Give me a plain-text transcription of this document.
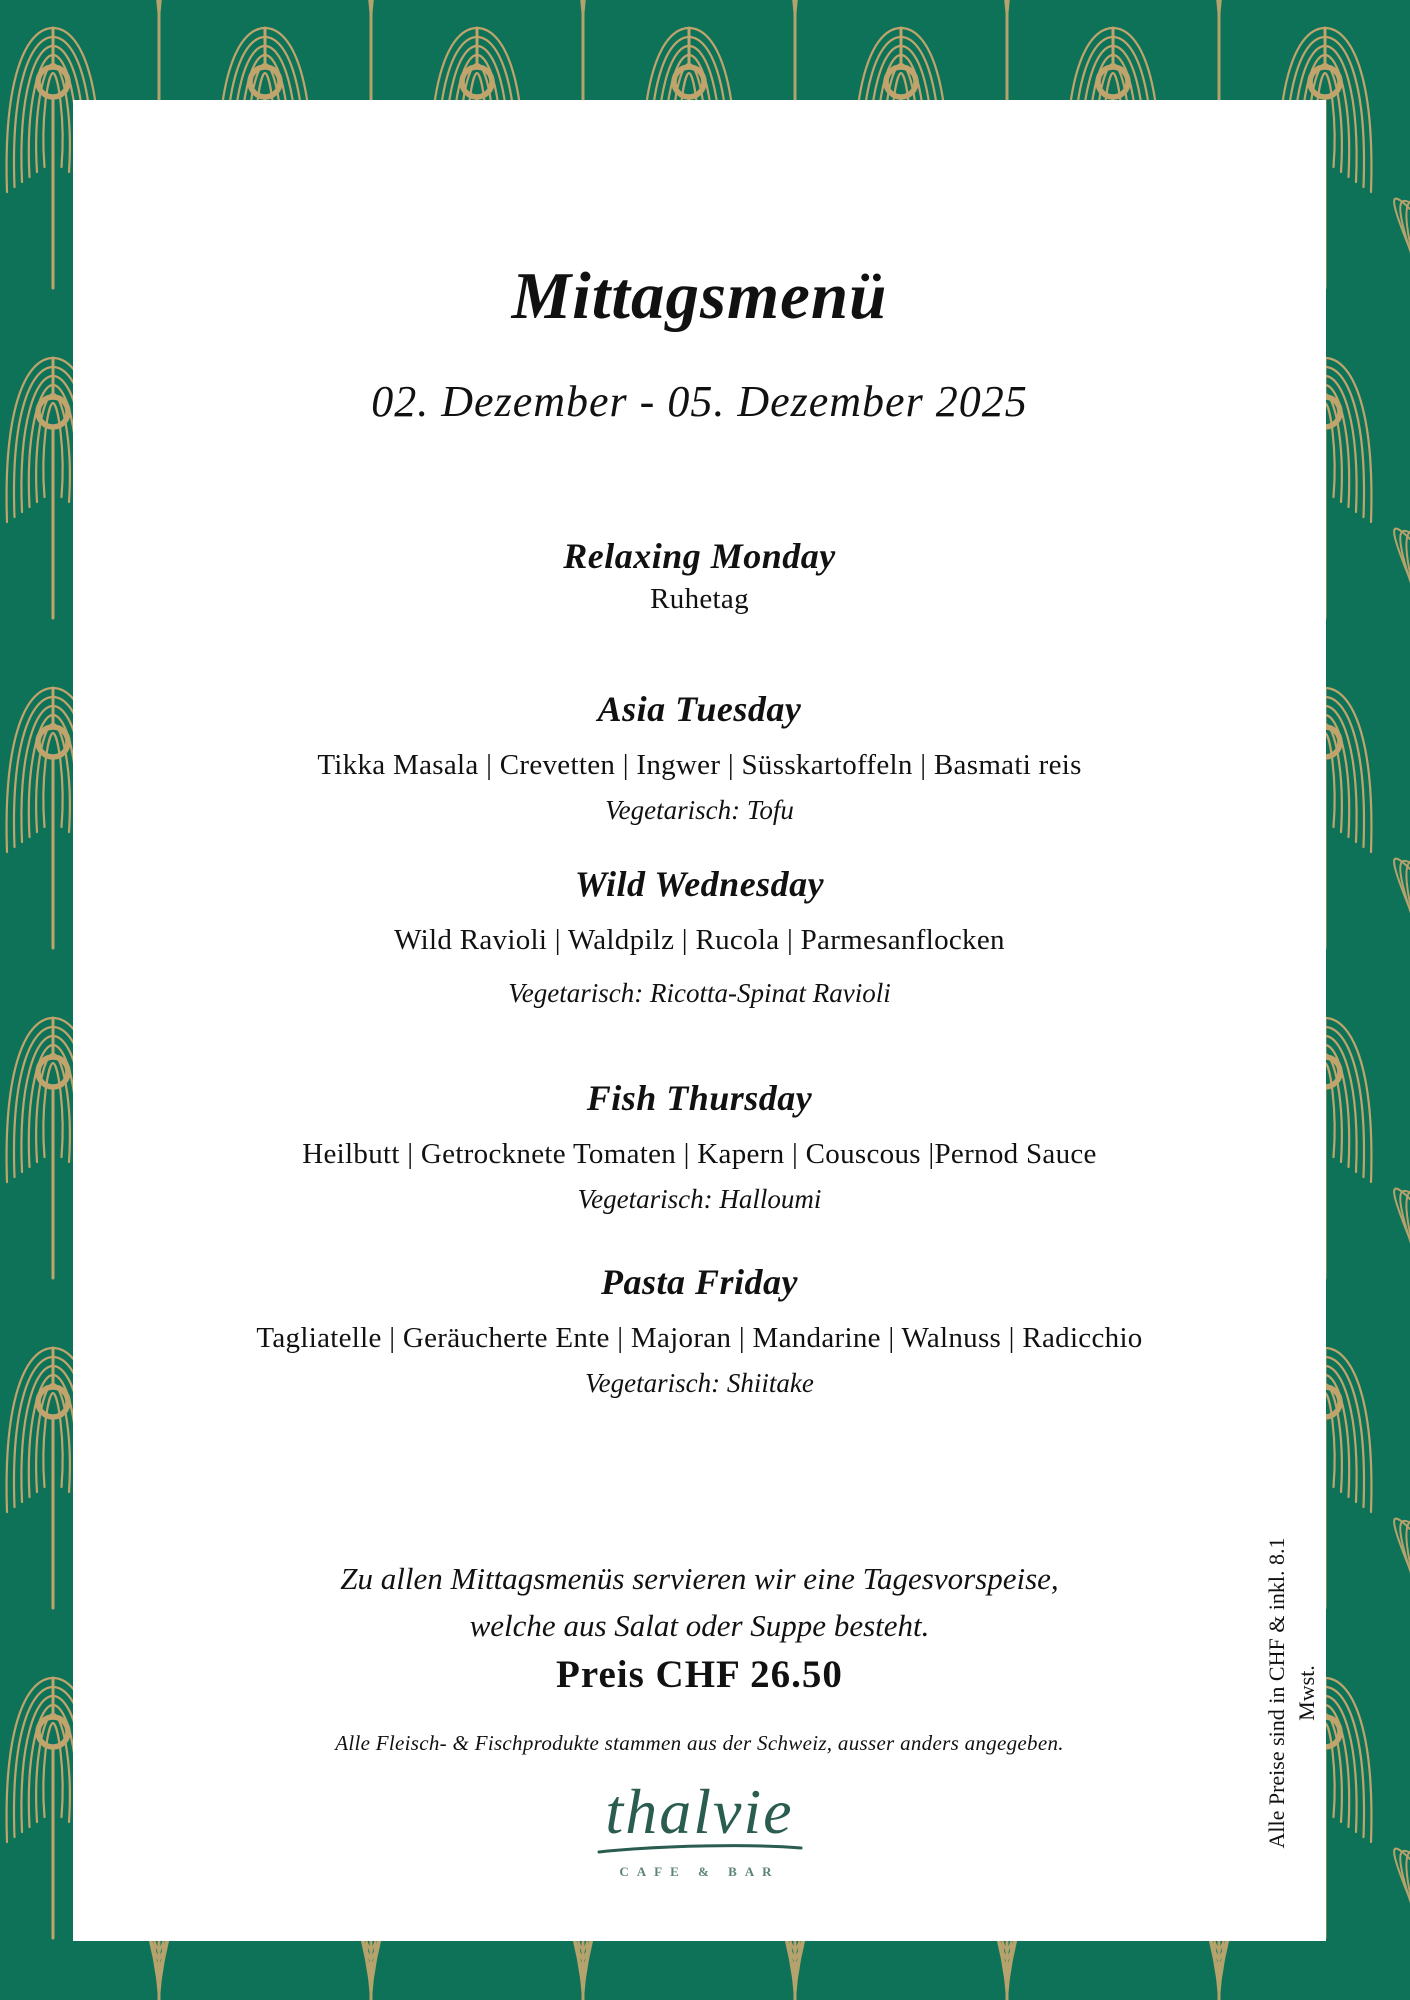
Mittagsmenü
02. Dezember - 05. Dezember 2025
Relaxing Monday
Ruhetag
Asia Tuesday
Tikka Masala | Crevetten | Ingwer | Süsskartoffeln | Basmati reis
Vegetarisch: Tofu
Wild Wednesday
Wild Ravioli | Waldpilz | Rucola | Parmesanflocken
Vegetarisch: Ricotta-Spinat Ravioli
Fish Thursday
Heilbutt | Getrocknete Tomaten | Kapern | Couscous |Pernod Sauce
Vegetarisch: Halloumi
Pasta Friday
Tagliatelle | Geräucherte Ente | Majoran | Mandarine | Walnuss | Radicchio
Vegetarisch: Shiitake
Zu allen Mittagsmenüs servieren wir eine Tagesvorspeise,
welche aus Salat oder Suppe besteht.
Preis CHF 26.50
Alle Fleisch- & Fischprodukte stammen aus der Schweiz, ausser anders angegeben.
thalvie
CAFE & BAR
Alle Preise sind in CHF & inkl. 8.1 Mwst.
